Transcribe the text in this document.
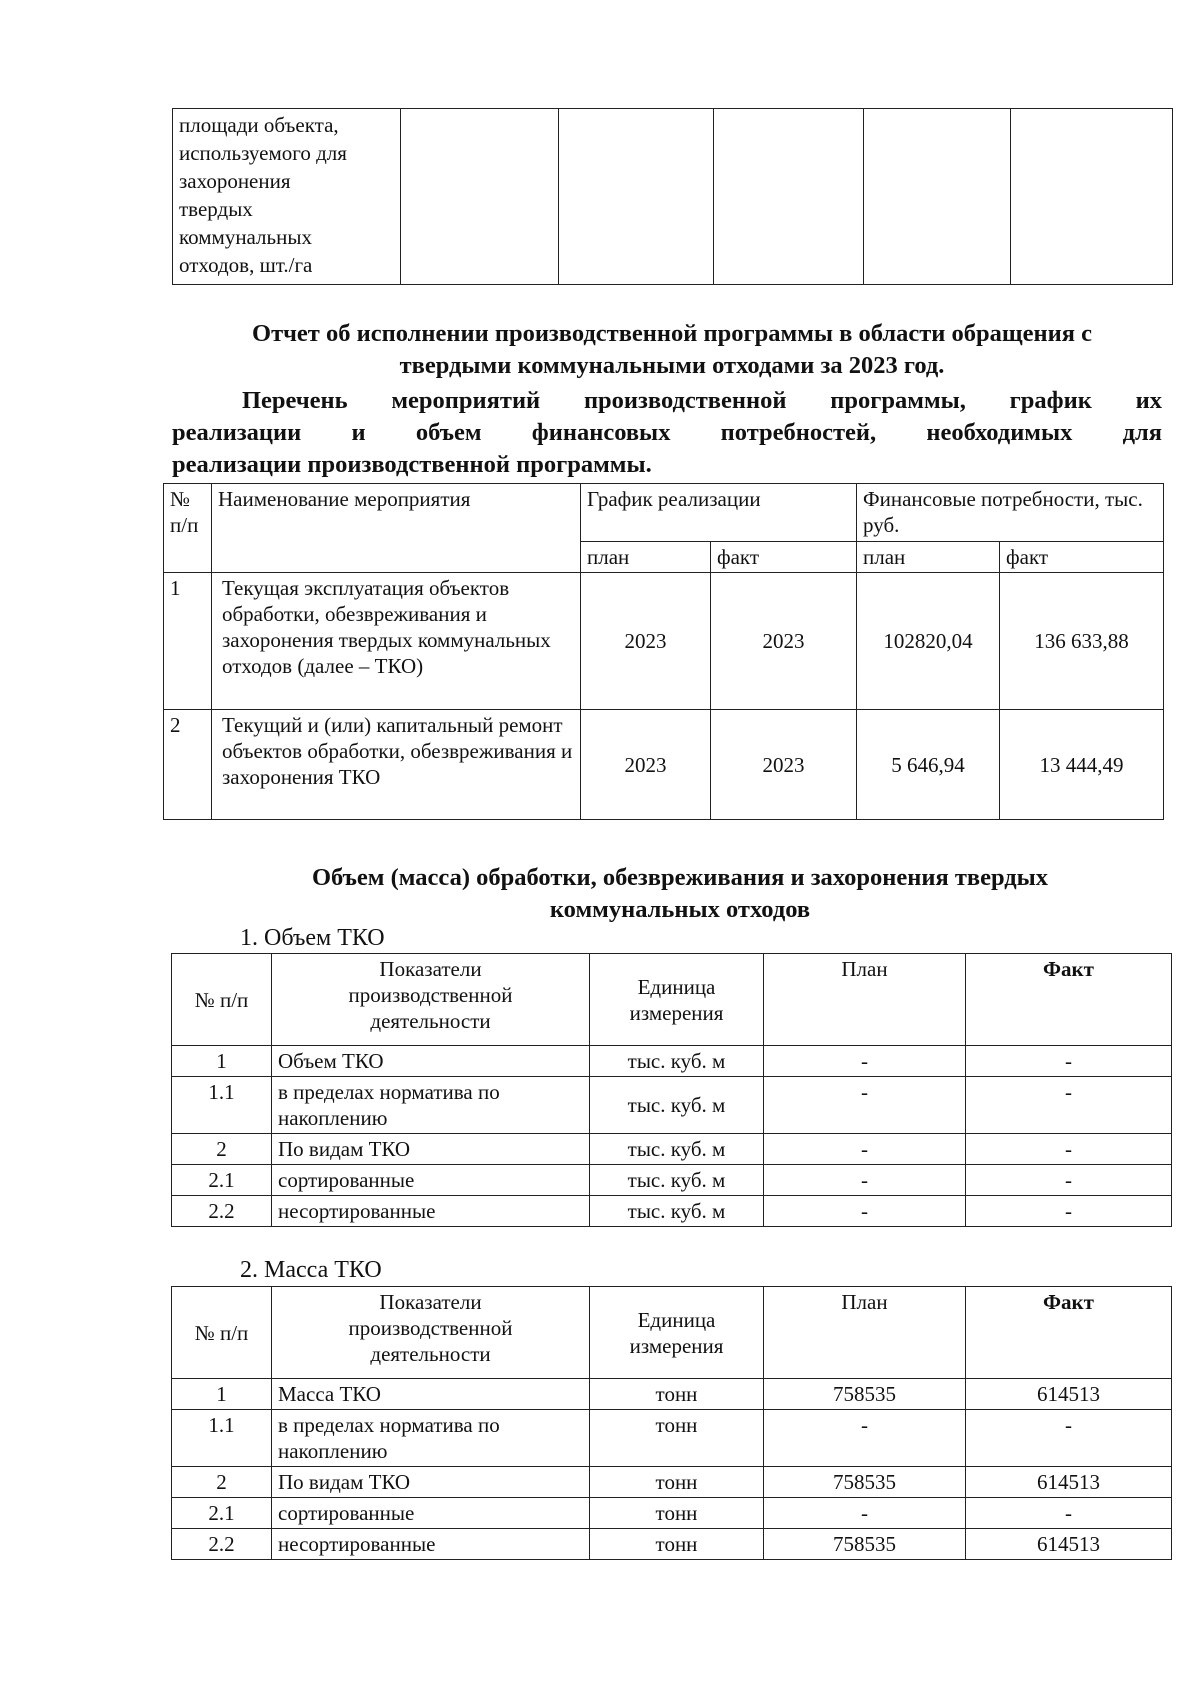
площади объекта,
используемого для
захоронения
твердых
коммунальных
отходов, шт./га

Отчет об исполнении производственной программы в области обращения с
твердыми коммунальными отходами за 2023 год.
Перечень мероприятий производственной программы, график их
реализации и объем финансовых потребностей, необходимых для
реализации производственной программы.
№ п/п	Наименование мероприятия	График реализации		Финансовые потребности, тыс. руб.	
		план	факт	план	факт
1	Текущая эксплуатация объектов обработки, обезвреживания и захоронения твердых коммунальных отходов (далее – ТКО)	2023	2023	102820,04	136 633,88
2	Текущий и (или) капитальный ремонт объектов обработки, обезвреживания и захоронения ТКО	2023	2023	5 646,94	13 444,49
Объем (масса) обработки, обезвреживания и захоронения твердых
коммунальных отходов
1. Объем ТКО
№ п/п	Показатели производственной деятельности	Единица измерения	План	Факт
1	Объем ТКО	тыс. куб. м	-	-
1.1	в пределах норматива по накоплению	тыс. куб. м	-	-
2	По видам ТКО	тыс. куб. м	-	-
2.1	сортированные	тыс. куб. м	-	-
2.2	несортированные	тыс. куб. м	-	-
2. Масса ТКО
№ п/п	Показатели производственной деятельности	Единица измерения	План	Факт
1	Масса ТКО	тонн	758535	614513
1.1	в пределах норматива по накоплению	тонн	-	-
2	По видам ТКО	тонн	758535	614513
2.1	сортированные	тонн	-	-
2.2	несортированные	тонн	758535	614513
